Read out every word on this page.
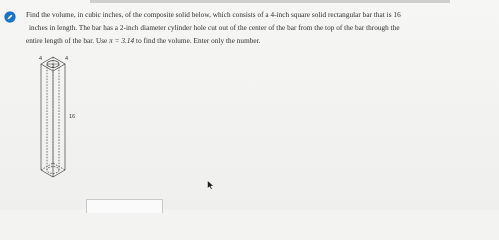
Find the volume, in cubic inches, of the composite solid below, which consists of a 4-inch square solid rectangular bar that is 16
inches in length. The bar has a 2-inch diameter cylinder hole cut out of the center of the bar from the top of the bar through the
entire length of the bar. Use π = 3.14 to find the volume. Enter only the number.
4	4
2
16
